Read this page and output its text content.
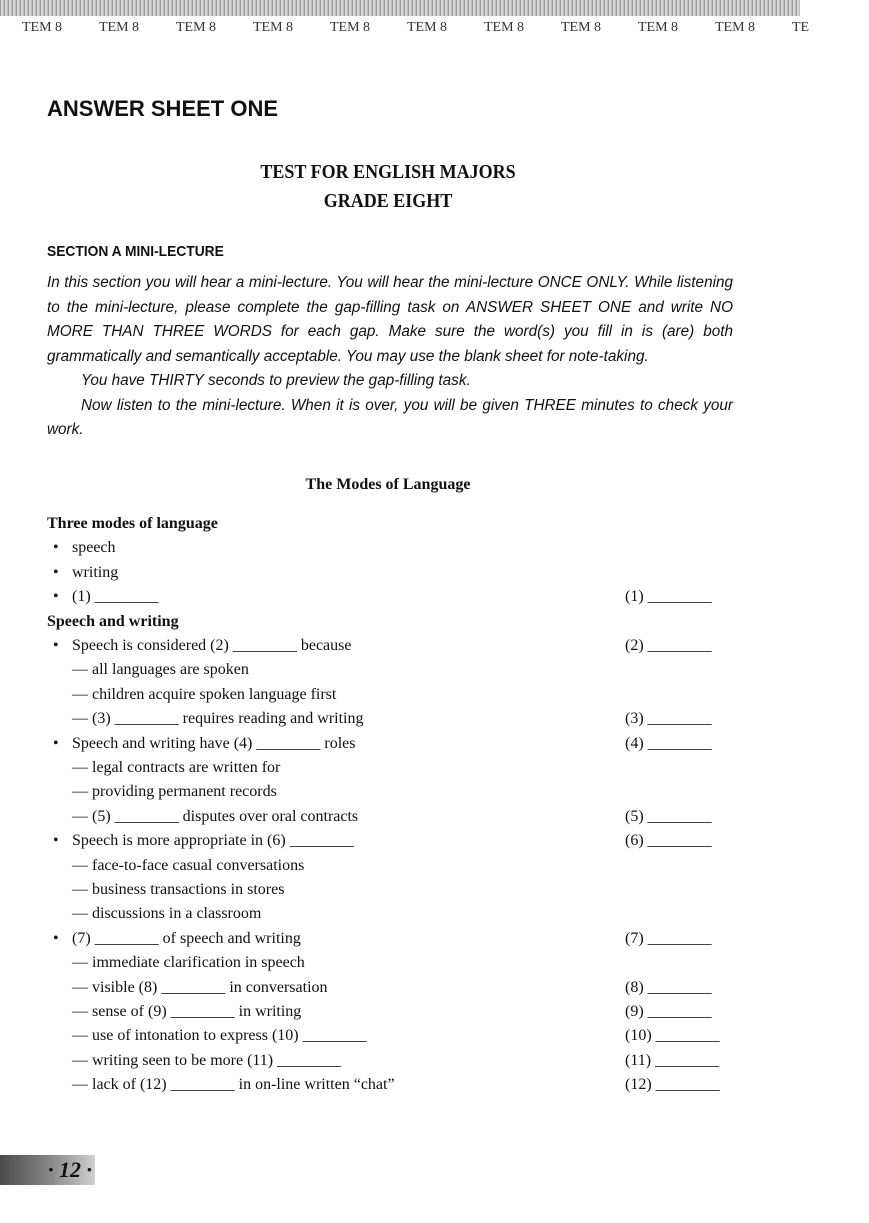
TEM 8	TEM 8	TEM 8	TEM 8	TEM 8	TEM 8	TEM 8	TEM 8	TEM 8	TEM 8	TE
ANSWER SHEET ONE
TEST FOR ENGLISH MAJORS
GRADE EIGHT
SECTION A MINI-LECTURE

In this section you will hear a mini-lecture. You will hear the mini-lecture ONCE ONLY. While listening to the mini-lecture, please complete the gap-filling task on ANSWER SHEET ONE and write NO MORE THAN THREE WORDS for each gap. Make sure the word(s) you fill in is (are) both grammatically and semantically acceptable. You may use the blank sheet for note-taking.

You have THIRTY seconds to preview the gap-filling task.

Now listen to the mini-lecture. When it is over, you will be given THREE minutes to check your work.

The Modes of Language
Three modes of language
• speech
• writing
• (1) ________	(1) ________
Speech and writing
• Speech is considered (2) ________ because	(2) ________
— all languages are spoken
— children acquire spoken language first
— (3) ________ requires reading and writing	(3) ________
• Speech and writing have (4) ________ roles	(4) ________
— legal contracts are written for
— providing permanent records
— (5) ________ disputes over oral contracts	(5) ________
• Speech is more appropriate in (6) ________	(6) ________
— face-to-face casual conversations
— business transactions in stores
— discussions in a classroom
• (7) ________ of speech and writing	(7) ________
— immediate clarification in speech
— visible (8) ________ in conversation	(8) ________
— sense of (9) ________ in writing	(9) ________
— use of intonation to express (10) ________	(10) ________
— writing seen to be more (11) ________	(11) ________
— lack of (12) ________ in on-line written “chat”	(12) ________
· 12 ·
